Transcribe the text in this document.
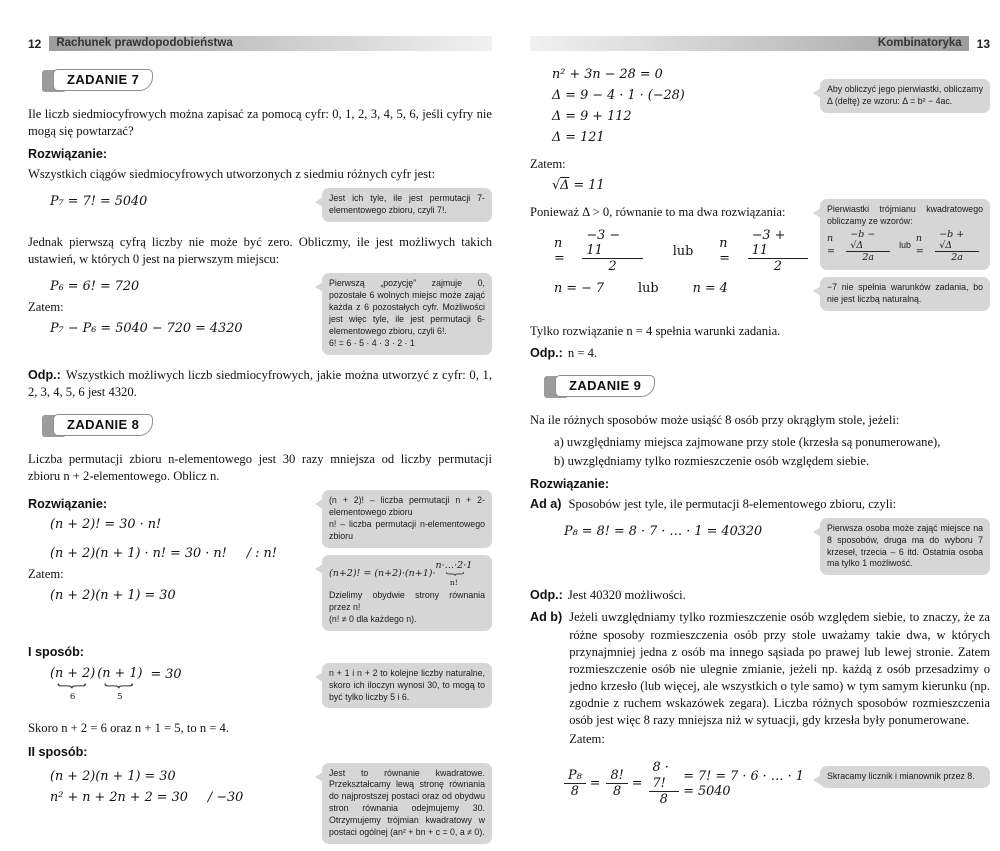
12	Rachunek prawdopodobieństwa
ZADANIE 7
Ile liczb siedmiocyfrowych można zapisać za pomocą cyfr: 0, 1, 2, 3, 4, 5, 6, jeśli cyfry nie mogą się powtarzać?
Rozwiązanie:
Wszystkich ciągów siedmiocyfrowych utworzonych z siedmiu różnych cyfr jest:
P₇ = 7! = 5040	Jest ich tyle, ile jest permutacji 7-elementowego zbioru, czyli 7!.
Jednak pierwszą cyfrą liczby nie może być zero. Obliczmy, ile jest możliwych takich ustawień, w których 0 jest na pierwszym miejscu:
P₆ = 6! = 720
Zatem:
P₇ − P₆ = 5040 − 720 = 4320
Pierwszą „pozycję” zajmuje 0, pozostałe 6 wolnych miejsc może zająć każda z 6 pozostałych cyfr. Możliwości jest więc tyle, ile jest permutacji 6-elementowego zbioru, czyli 6!.
6! = 6 · 5 · 4 · 3 · 2 · 1
Odp.: Wszystkich możliwych liczb siedmiocyfrowych, jakie można utworzyć z cyfr: 0, 1, 2, 3, 4, 5, 6 jest 4320.
ZADANIE 8
Liczba permutacji zbioru n-elementowego jest 30 razy mniejsza od liczby permutacji zbioru n + 2-elementowego. Oblicz n.
Rozwiązanie:
(n + 2)! = 30 · n!
(n + 2)(n + 1) · n! = 30 · n! / : n!
Zatem:
(n + 2)(n + 1) = 30
(n + 2)! – liczba permutacji n + 2-elementowego zbioru
n! – liczba permutacji n-elementowego zbioru
(n+2)! = (n+2)·(n+1)·
n·…·2·1
}
n!
Dzielimy obydwie strony równania przez n!
(n! ≠ 0 dla każdego n).
I sposób:
(n + 2)
}
6
(n + 1)
}
5
= 30	n + 1 i n + 2 to kolejne liczby naturalne, skoro ich iloczyn wynosi 30, to mogą to być tylko liczby 5 i 6.
Skoro n + 2 = 6 oraz n + 1 = 5, to n = 4.
II sposób:
(n + 2)(n + 1) = 30
n² + n + 2n + 2 = 30 / −30
Jest to równanie kwadratowe. Przekształcamy lewą stronę równania do najprostszej postaci oraz od obydwu stron równania odejmujemy 30. Otrzymujemy trójmian kwadratowy w postaci ogólnej (an² + bn + c = 0, a ≠ 0).
Kombinatoryka	13
n² + 3n − 28 = 0
Δ = 9 − 4 · 1 · (−28)
Δ = 9 + 112
Δ = 121
Aby obliczyć jego pierwiastki, obliczamy Δ (deltę) ze wzoru: Δ = b² − 4ac.
Zatem:
√Δ = 11
Ponieważ Δ > 0, równanie to ma dwa rozwiązania:
n =	$\frac{-3 - 11}{2}$ lub n =	$\frac{-3 + 11}{2}$
n = − 7	lub	n = 4
Pierwiastki trójmianu kwadratowego obliczamy ze wzorów:
n =	$\frac{-b - √\Delta}{2a}$ lub
n =	$\frac{-b + √\Delta}{2a}$
−7 nie spełnia warunków zadania, bo nie jest liczbą naturalną.
Tylko rozwiązanie n = 4 spełnia warunki zadania.
Odp.: n = 4.
ZADANIE 9
Na ile różnych sposobów może usiąść 8 osób przy okrągłym stole, jeżeli:
a) uwzględniamy miejsca zajmowane przy stole (krzesła są ponumerowane),
b) uwzględniamy tylko rozmieszczenie osób względem siebie.
Rozwiązanie:
Ad a) Sposobów jest tyle, ile permutacji 8-elementowego zbioru, czyli:
P₈ = 8! = 8 · 7 · … · 1 = 40320	Pierwsza osoba może zająć miejsce na 8 sposobów, druga ma do wyboru 7 krzeseł, trzecia – 6 itd. Ostatnia osoba ma tylko 1 możliwość.
Odp.: Jest 40320 możliwości.
Ad b) Jeżeli uwzględniamy tylko rozmieszczenie osób względem siebie, to znaczy, że za różne sposoby rozmieszczenia osób przy stole uważamy takie dwa, w których przynajmniej jedna z osób ma innego sąsiada po prawej lub lewej stronie. Zatem rozmieszczenie osób nie ulegnie zmianie, jeżeli np. każdą z osób przesadzimy o jedno krzesło (lub więcej, ale wszystkich o tyle samo) w tym samym kierunku (np. zgodnie z ruchem wskazówek zegara). Liczba różnych sposobów rozmieszczenia osób jest więc 8 razy mniejsza niż w sytuacji, gdy krzesła były ponumerowane.
Zatem:
$\frac{\text{P₈}}{8} = \frac{8!}{8} = \frac{8 \cdot 7!}{8} = 7$! = 7 · 6 · … · 1 = 5040
Skracamy licznik i mianownik przez 8.
